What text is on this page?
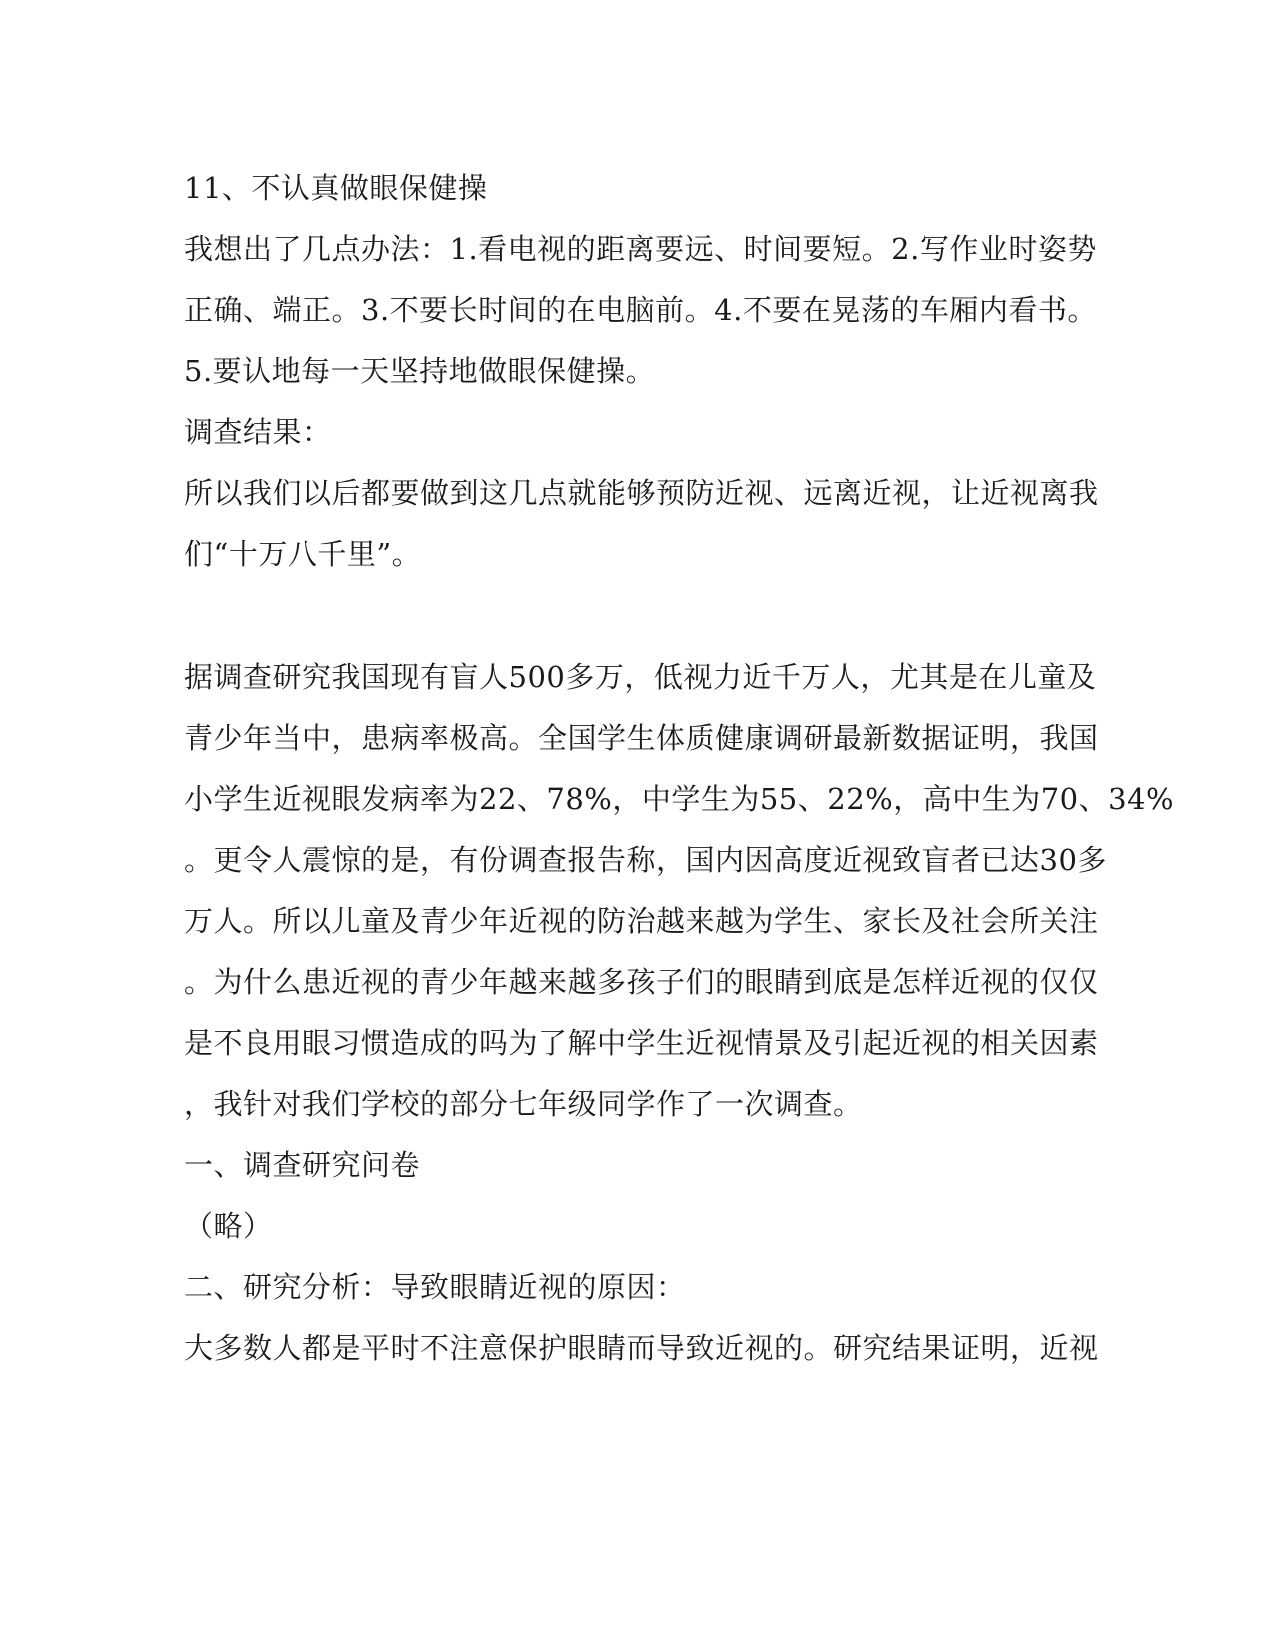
11、不认真做眼保健操

我想出了几点办法：1.看电视的距离要远、时间要短。2.写作业时姿势

正确、端正。3.不要长时间的在电脑前。4.不要在晃荡的车厢内看书。

5.要认地每一天坚持地做眼保健操。

调查结果：

所以我们以后都要做到这几点就能够预防近视、远离近视，让近视离我

们“十万八千里”。

据调查研究我国现有盲人500多万，低视力近千万人，尤其是在儿童及

青少年当中，患病率极高。全国学生体质健康调研最新数据证明，我国

小学生近视眼发病率为22、78%，中学生为55、22%，高中生为70、34%

。更令人震惊的是，有份调查报告称，国内因高度近视致盲者已达30多

万人。所以儿童及青少年近视的防治越来越为学生、家长及社会所关注

。为什么患近视的青少年越来越多孩子们的眼睛到底是怎样近视的仅仅

是不良用眼习惯造成的吗为了解中学生近视情景及引起近视的相关因素

，我针对我们学校的部分七年级同学作了一次调查。

一、调查研究问卷

（略）

二、研究分析：导致眼睛近视的原因：

大多数人都是平时不注意保护眼睛而导致近视的。研究结果证明，近视
